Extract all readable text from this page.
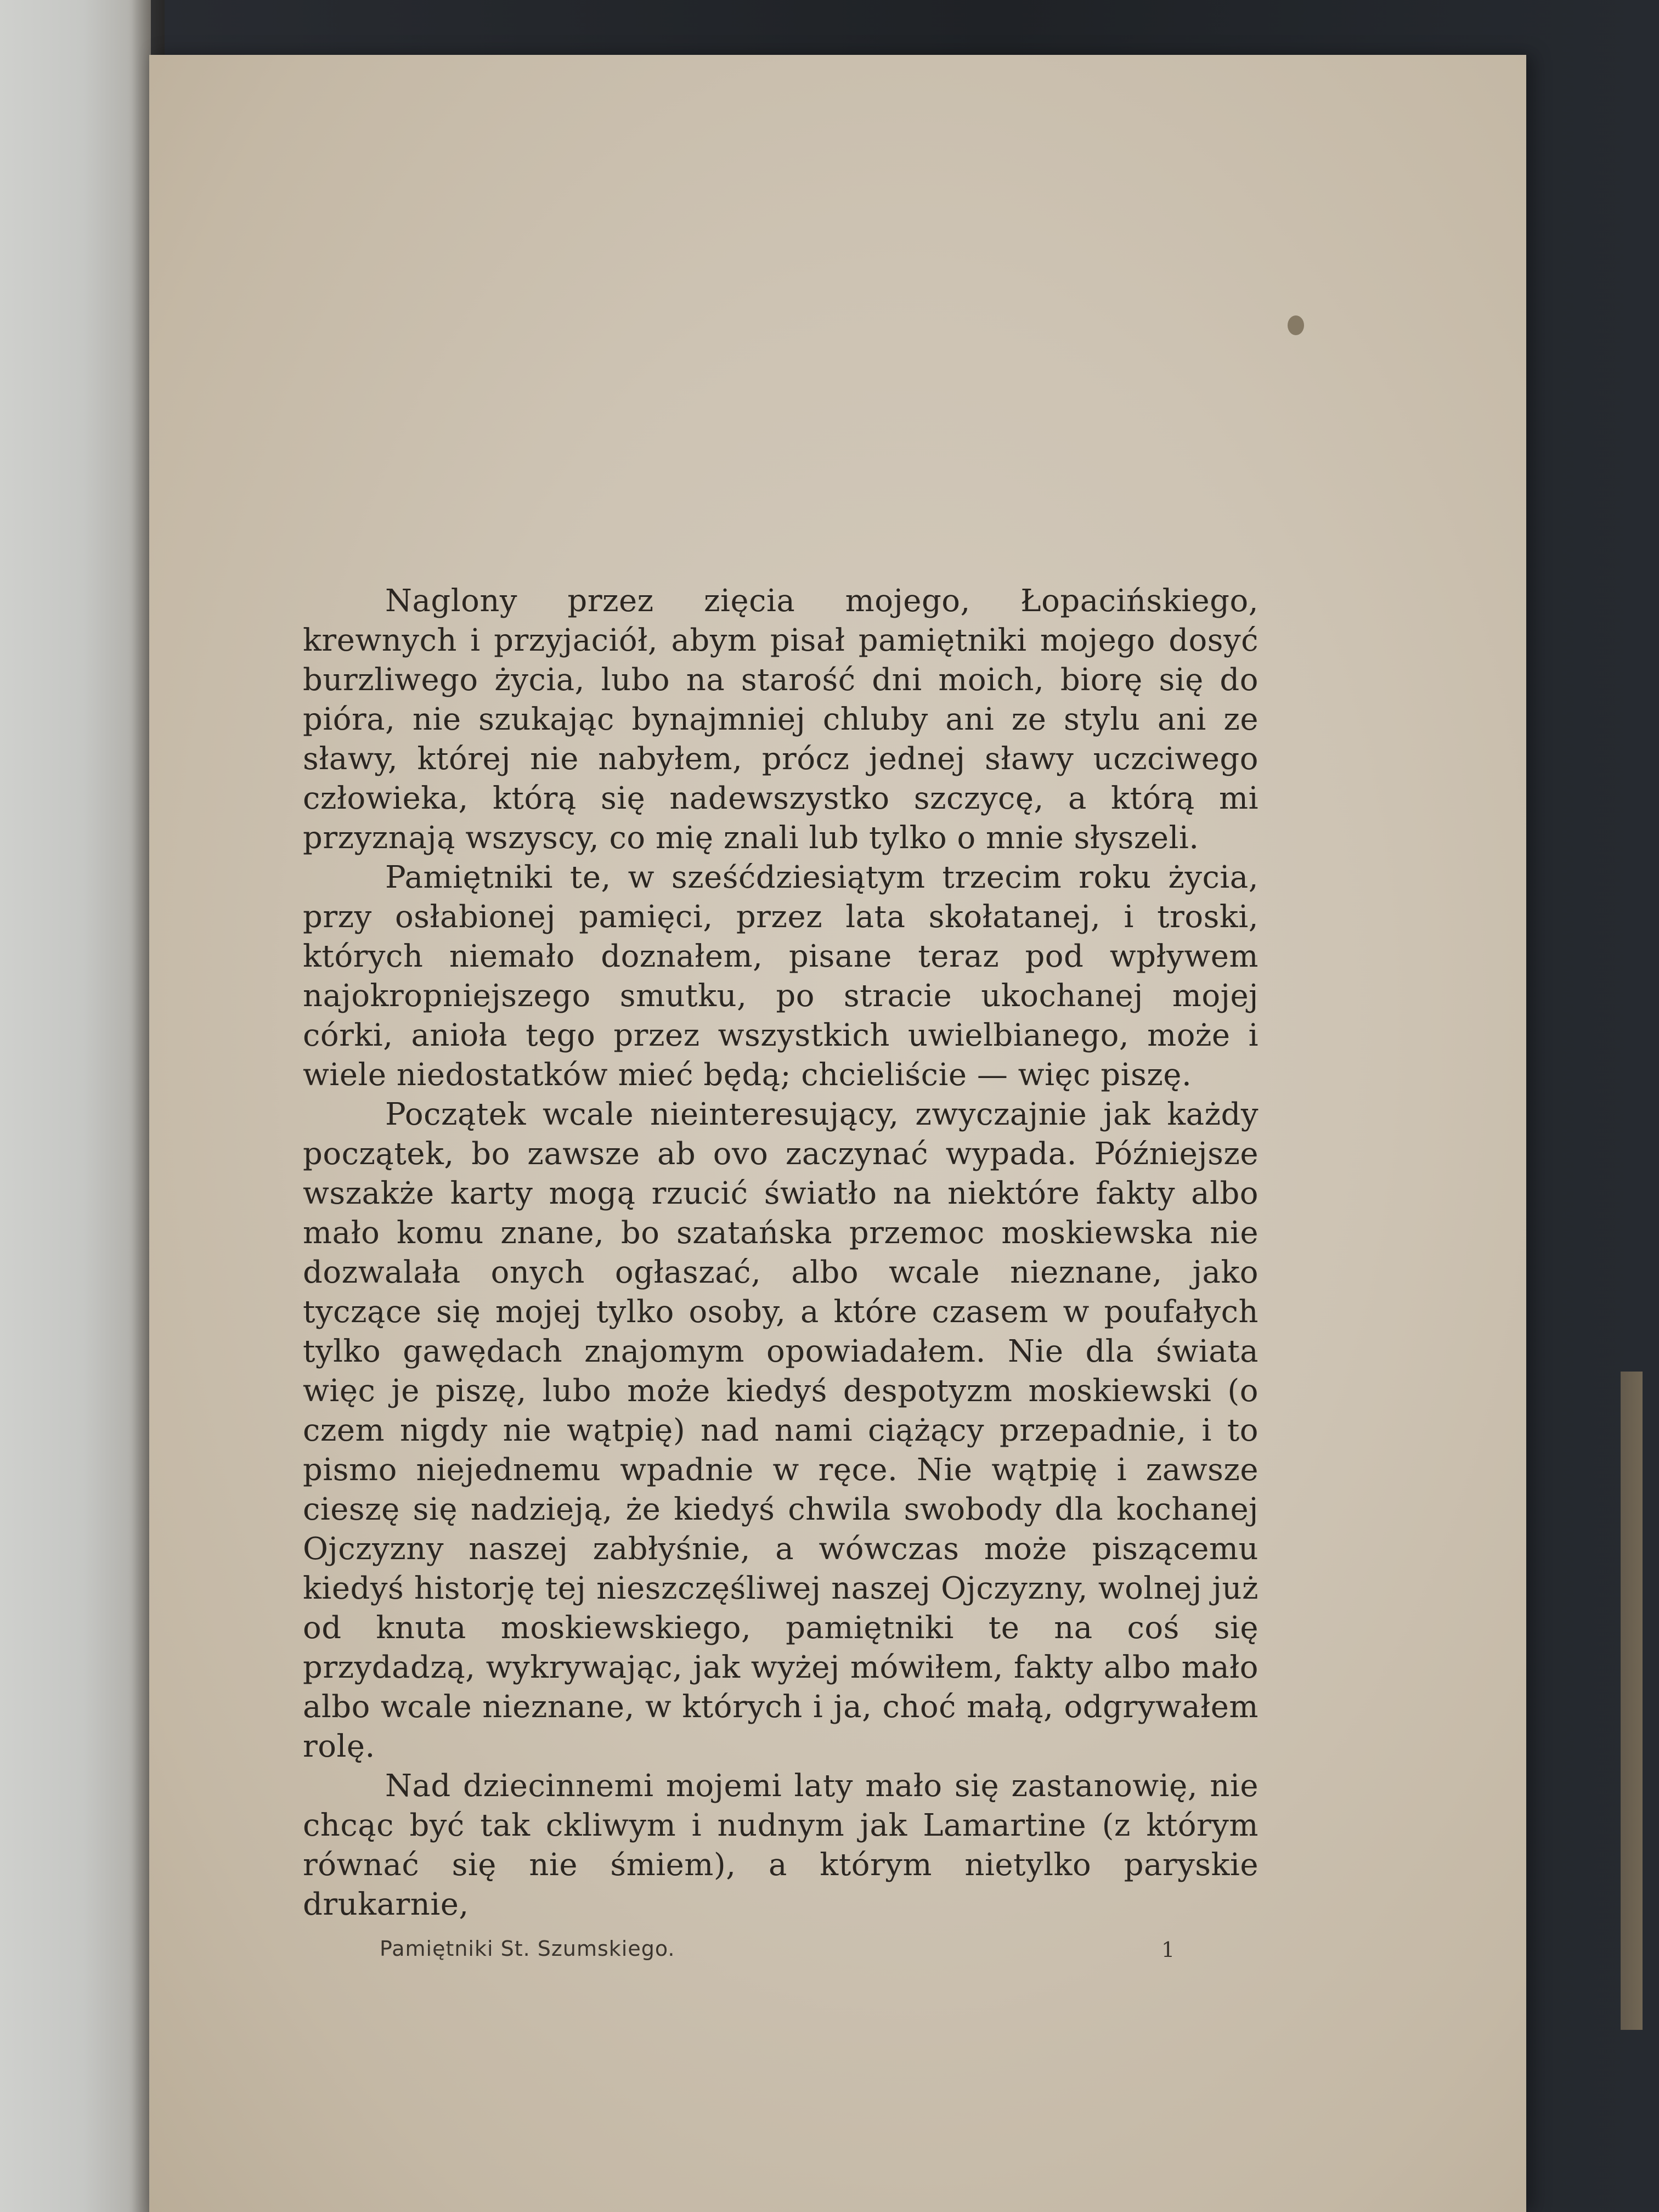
Naglony przez zięcia mojego, Łopacińskiego, krewnych i przyjaciół, abym pisał pamiętniki mojego dosyć burzliwego życia, lubo na starość dni moich, biorę się do pióra, nie szukając bynajmniej chluby ani ze stylu ani ze sławy, której nie nabyłem, prócz jednej sławy uczciwego człowieka, którą się nadewszystko szczycę, a którą mi przyznają wszyscy, co mię znali lub tylko o mnie słyszeli.

Pamiętniki te, w sześćdziesiątym trzecim roku życia, przy osłabionej pamięci, przez lata skołatanej, i troski, których niemało doznałem, pisane teraz pod wpływem najokropniejszego smutku, po stracie ukochanej mojej córki, anioła tego przez wszystkich uwielbianego, może i wiele niedostatków mieć będą; chcieliście — więc piszę.

Początek wcale nieinteresujący, zwyczajnie jak każdy początek, bo zawsze ab ovo zaczynać wypada. Późniejsze wszakże karty mogą rzucić światło na niektóre fakty albo mało komu znane, bo szatańska przemoc moskiewska nie dozwalała onych ogłaszać, albo wcale nieznane, jako tyczące się mojej tylko osoby, a które czasem w poufałych tylko gawędach znajomym opowiadałem. Nie dla świata więc je piszę, lubo może kiedyś despotyzm moskiewski (o czem nigdy nie wątpię) nad nami ciążący przepadnie, i to pismo niejednemu wpadnie w ręce. Nie wątpię i zawsze cieszę się nadzieją, że kiedyś chwila swobody dla kochanej Ojczyzny naszej zabłyśnie, a wówczas może piszącemu kiedyś historję tej nieszczęśliwej naszej Ojczyzny, wolnej już od knuta moskiewskiego, pamiętniki te na coś się przydadzą, wykrywając, jak wyżej mówiłem, fakty albo mało albo wcale nieznane, w których i ja, choć małą, odgrywałem rolę.

Nad dziecinnemi mojemi laty mało się zastanowię, nie chcąc być tak ckliwym i nudnym jak Lamartine (z którym równać się nie śmiem), a którym nietylko paryskie drukarnie,

Pamiętniki St. Szumskiego.	1
